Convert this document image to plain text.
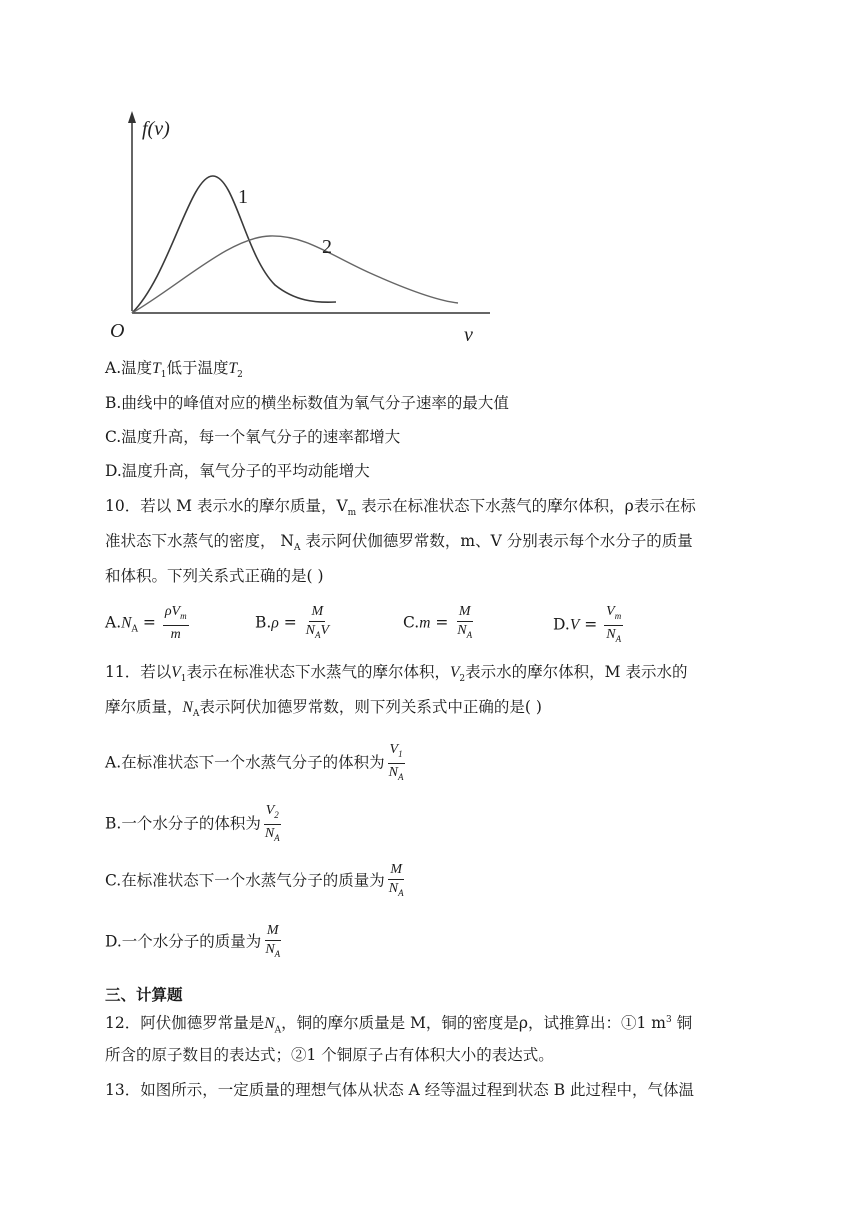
f(v)
v
O
1
2
A.温度$T_1$低于温度$T_2$
B.曲线中的峰值对应的横坐标数值为氧气分子速率的最大值
C.温度升高，每一个氧气分子的速率都增大
D.温度升高，氧气分子的平均动能增大
10．若以 M 表示水的摩尔质量，$V_m$ 表示在标准状态下水蒸气的摩尔体积，ρ表示在标
准状态下水蒸气的密度， $N_A$ 表示阿伏伽德罗常数，m、V 分别表示每个水分子的质量
和体积。下列关系式正确的是( )
$A.N_A = \frac{\rho V_m}{m}$	$B.\rho = \frac{M}{N_AV}$	$C.m = \frac{M}{N_A}$	$D.V = \frac{V_m}{N_A}$
11．若以$V_1$表示在标准状态下水蒸气的摩尔体积，$V_2$表示水的摩尔体积，M 表示水的
摩尔质量，$N_A$表示阿伏加德罗常数，则下列关系式中正确的是( )
A.在标准状态下一个水蒸气分子的体积为 $\frac{V_1}{N_A}$
B.一个水分子的体积为 $\frac{V_2}{N_A}$
C.在标准状态下一个水蒸气分子的质量为 $\frac{M}{N_A}$
D.一个水分子的质量为 $\frac{M}{N_A}$
三、计算题
12．阿伏伽德罗常量是$N_A$，铜的摩尔质量是 M，铜的密度是ρ，试推算出：①1 $m^3$ 铜
所含的原子数目的表达式；②1 个铜原子占有体积大小的表达式。
13．如图所示，一定质量的理想气体从状态 A 经等温过程到状态 B 此过程中，气体温
